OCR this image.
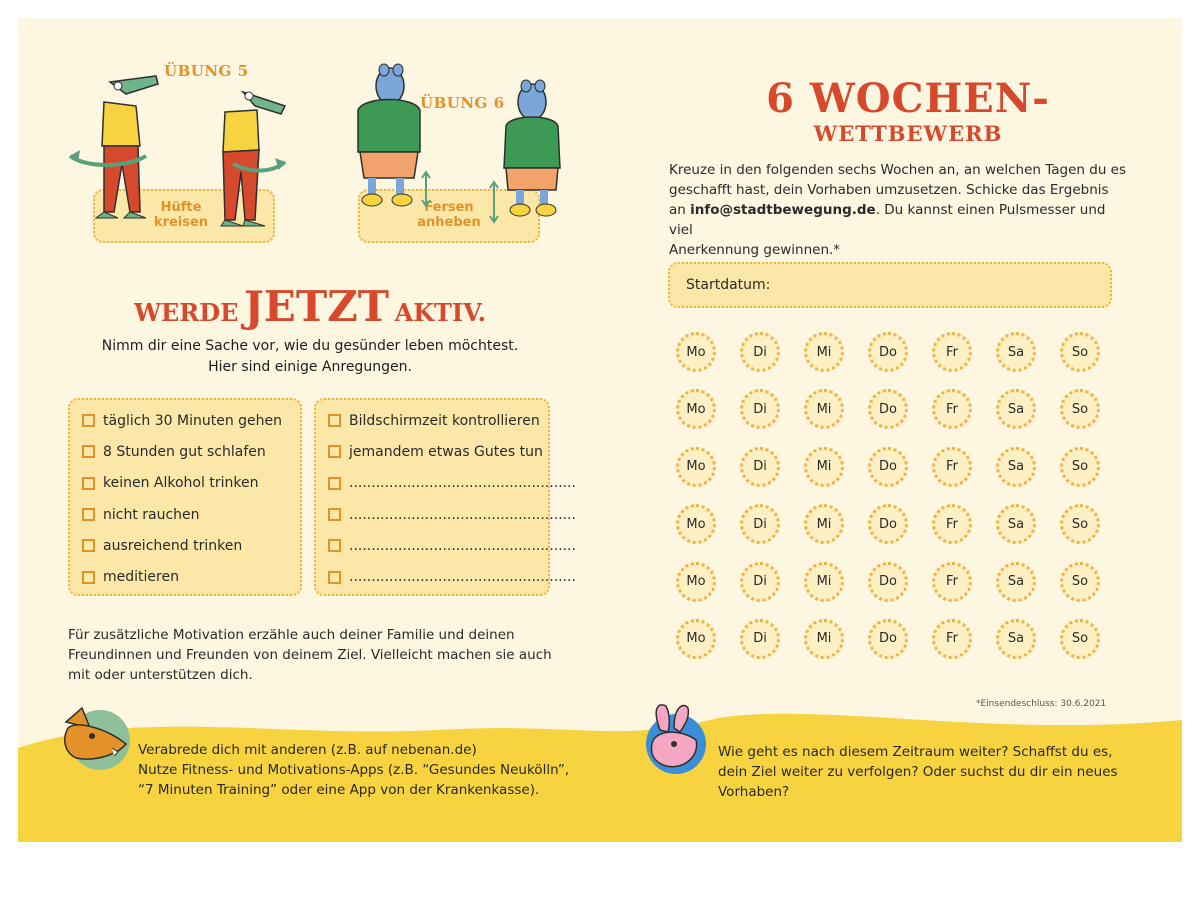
Hüfte
kreisen
ÜBUNG 5
Fersen
anheben
ÜBUNG 6
WERDE JETZT AKTIV.
Nimm dir eine Sache vor, wie du gesünder leben möchtest.
Hier sind einige Anregungen.
täglich 30 Minuten gehen
8 Stunden gut schlafen
keinen Alkohol trinken
nicht rauchen
ausreichend trinken
meditieren
Bildschirmzeit kontrollieren
jemandem etwas Gutes tun
...................................................
...................................................
...................................................
...................................................
Für zusätzliche Motivation erzähle auch deiner Familie und deinen
Freundinnen und Freunden von deinem Ziel. Vielleicht machen sie auch
mit oder unterstützen dich.
6 WOCHEN-
WETTBEWERB
Kreuze in den folgenden sechs Wochen an, an welchen Tagen du es
geschafft hast, dein Vorhaben umzusetzen. Schicke das Ergebnis
an info@stadtbewegung.de. Du kannst einen Pulsmesser und viel
Anerkennung gewinnen.*
Startdatum:
Mo	Di	Mi	Do	Fr	Sa	So
Mo	Di	Mi	Do	Fr	Sa	So
Mo	Di	Mi	Do	Fr	Sa	So
Mo	Di	Mi	Do	Fr	Sa	So
Mo	Di	Mi	Do	Fr	Sa	So
Mo	Di	Mi	Do	Fr	Sa	So
*Einsendeschluss: 30.6.2021
Verabrede dich mit anderen (z.B. auf nebenan.de)
Nutze Fitness- und Motivations-Apps (z.B. “Gesundes Neukölln”,
“7 Minuten Training” oder eine App von der Krankenkasse).
Wie geht es nach diesem Zeitraum weiter? Schaffst du es,
dein Ziel weiter zu verfolgen? Oder suchst du dir ein neues
Vorhaben?
